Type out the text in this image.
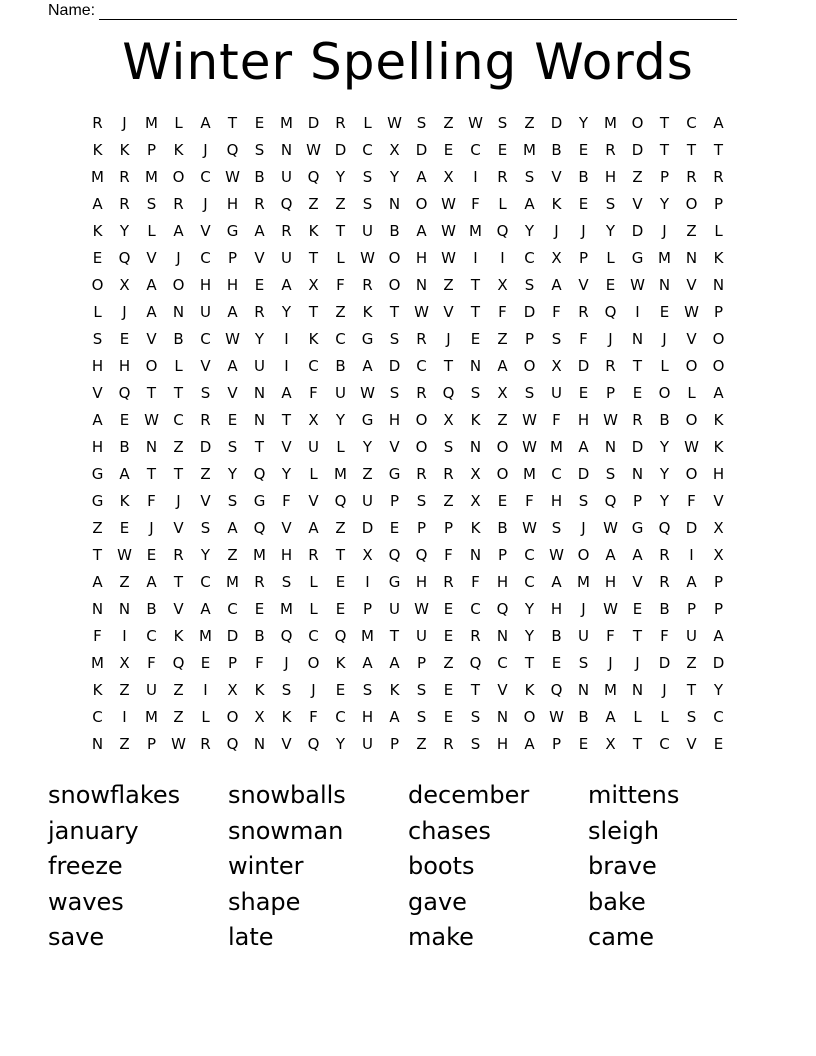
Name:
Winter Spelling Words
R	J	M	L	A	T	E	M D	R	L	W S	Z W S	Z	D	Y	M O	T	C	A
K	K	P	K	J	Q	S	N W D	C	X	D	E	C	E	M	B	E	R	D	T	T	T
M	R	M O	C W B	U	Q	Y	S	Y	A	X	I	R	S	V	B	H	Z	P	R	R
A	R	S	R	J	H	R	Q	Z	Z	S	N	O W	F	L	A	K	E	S	V	Y	O	P
K	Y	L	A	V	G	A	R	K	T	U	B	A W M Q	Y	J	J	Y	D	J	Z	L
E	Q	V	J	C	P	V	U	T	L	W O	H W	I	I	C	X	P	L	G M N	K
O	X	A	O	H	H	E	A	X	F	R	O	N	Z	T	X	S	A	V	E W N	V	N
L	J	A	N	U	A	R	Y	T	Z	K	T	W V	T	F	D	F	R	Q	I	E W	P
S	E	V	B	C W Y	I	K	C	G	S	R	J	E	Z	P	S	F	J	N	J	V	O
H	H	O	L	V	A	U	I	C	B	A	D	C	T	N	A	O	X	D	R	T	L	O	O
V	Q	T	T	S	V	N	A	F	U W S	R	Q	S	X	S	U	E	P	E	O	L	A
A	E W C	R	E	N	T	X	Y	G	H	O	X	K	Z W	F	H W R	B	O	K
H	B	N	Z	D	S	T	V	U	L	Y	V	O	S	N	O W M	A	N	D	Y	W K
G	A	T	T	Z	Y	Q	Y	L	M	Z	G	R	R	X	O M	C	D	S	N	Y	O	H
G	K	F	J	V	S	G	F	V	Q	U	P	S	Z	X	E	F	H	S	Q	P	Y	F	V
Z	E	J	V	S	A	Q	V	A	Z	D	E	P	P	K	B W S	J	W G	Q	D	X
T	W E	R	Y	Z	M H	R	T	X	Q	Q	F	N	P	C W O	A	A	R	I	X
A	Z	A	T	C	M	R	S	L	E	I	G	H	R	F	H	C	A	M H	V	R	A	P
N	N	B	V	A	C	E	M	L	E	P	U W E	C	Q	Y	H	J	W E	B	P	P
F	I	C	K	M D	B	Q	C	Q M	T	U	E	R	N	Y	B	U	F	T	F	U	A
M	X	F	Q	E	P	F	J	O	K	A	A	P	Z	Q	C	T	E	S	J	J	D	Z	D
K	Z	U	Z	I	X	K	S	J	E	S	K	S	E	T	V	K	Q	N M N	J	T	Y
C	I	M	Z	L	O	X	K	F	C	H	A	S	E	S	N	O W B	A	L	L	S	C
N	Z	P	W R	Q	N	V	Q	Y	U	P	Z	R	S	H	A	P	E	X	T	C	V	E
snowflakes	snowballs	december	mittens
january	snowman	chases	sleigh
freeze	winter	boots	brave
waves	shape	gave	bake
save	late	make	came
